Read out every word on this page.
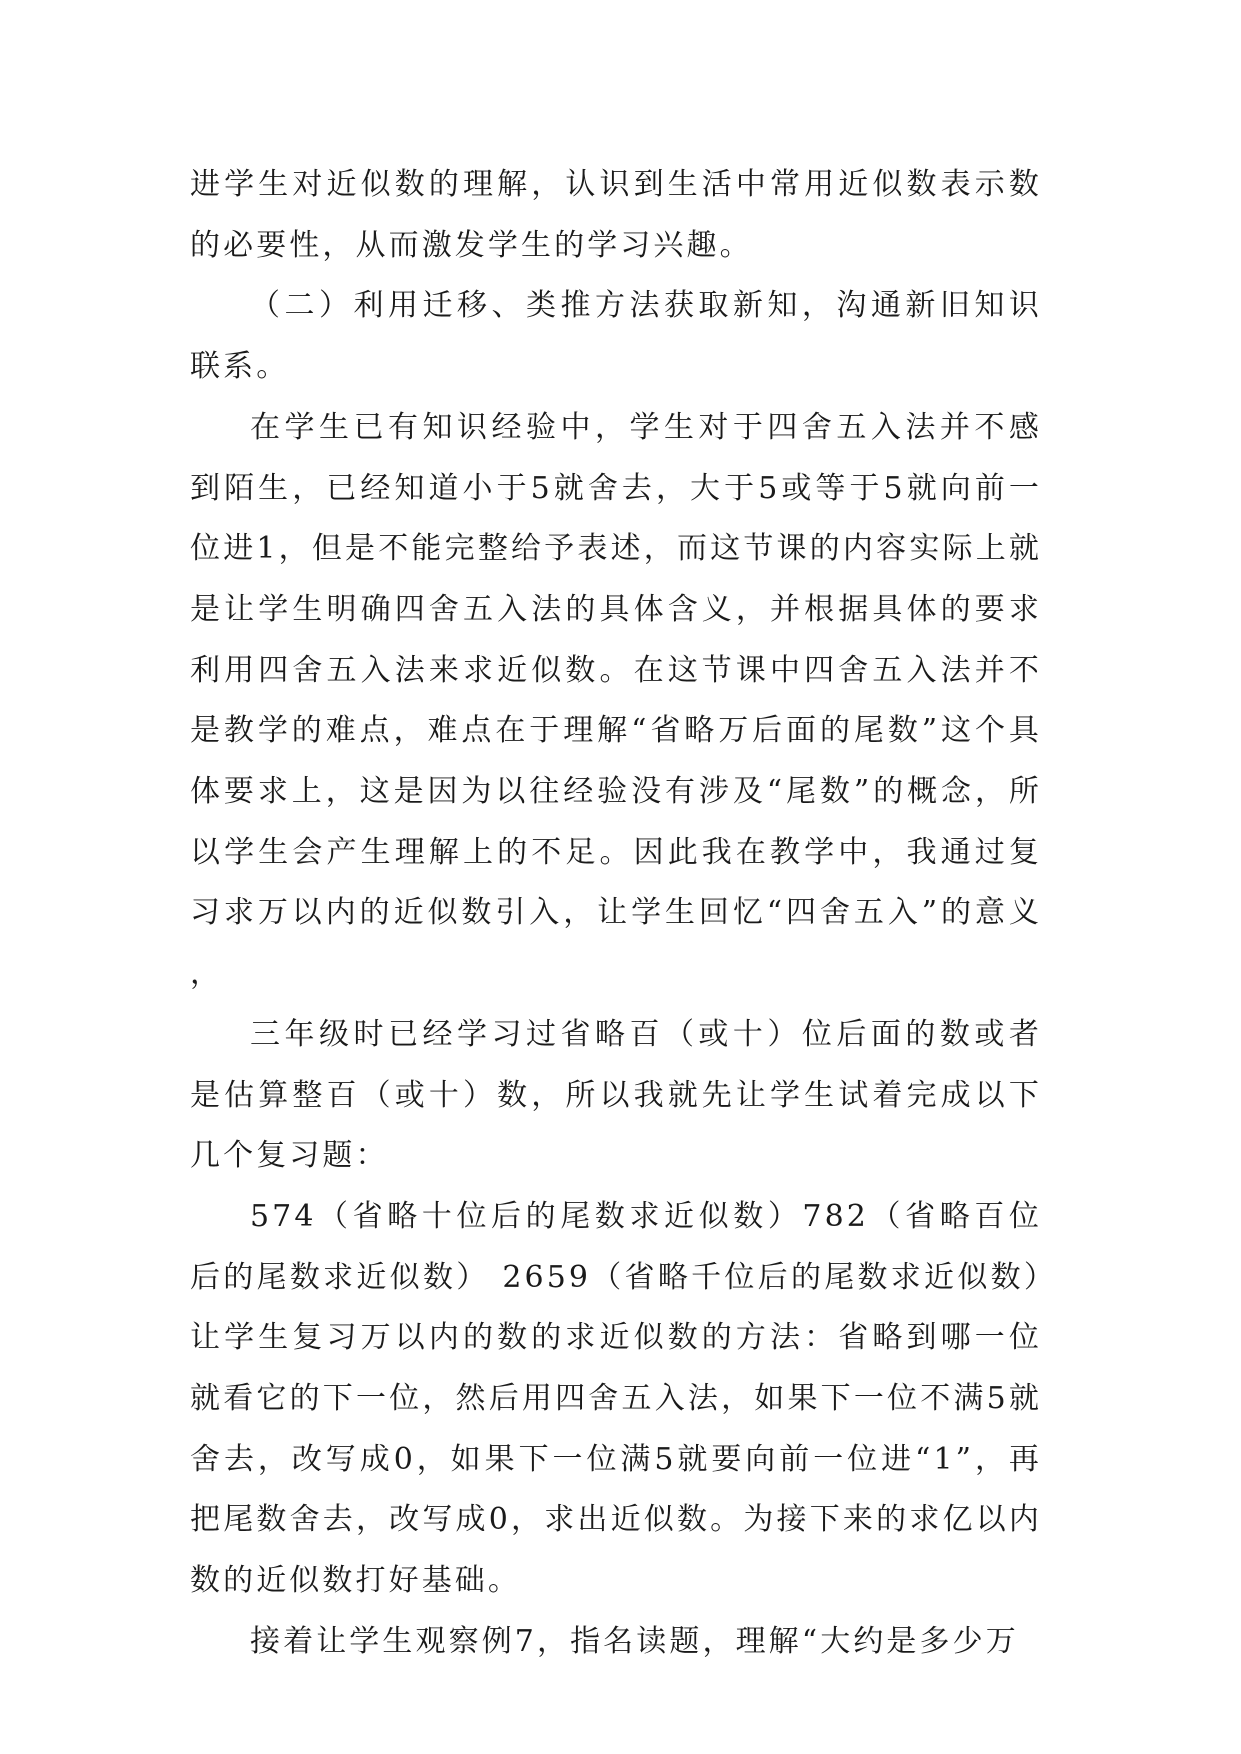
进学生对近似数的理解，认识到生活中常用近似数表示数的必要性，从而激发学生的学习兴趣。

（二）利用迁移、类推方法获取新知，沟通新旧知识联系。

在学生已有知识经验中，学生对于四舍五入法并不感到陌生，已经知道小于5就舍去，大于5或等于5就向前一位进1，但是不能完整给予表述，而这节课的内容实际上就是让学生明确四舍五入法的具体含义，并根据具体的要求利用四舍五入法来求近似数。在这节课中四舍五入法并不是教学的难点，难点在于理解“省略万后面的尾数”这个具体要求上，这是因为以往经验没有涉及“尾数”的概念，所以学生会产生理解上的不足。因此我在教学中，我通过复习求万以内的近似数引入，让学生回忆“四舍五入”的意义，

三年级时已经学习过省略百（或十）位后面的数或者是估算整百（或十）数，所以我就先让学生试着完成以下几个复习题：

574（省略十位后的尾数求近似数）782（省略百位后的尾数求近似数） 2659（省略千位后的尾数求近似数）让学生复习万以内的数的求近似数的方法：省略到哪一位就看它的下一位，然后用四舍五入法，如果下一位不满5就舍去，改写成0，如果下一位满5就要向前一位进“1”，再把尾数舍去，改写成0，求出近似数。为接下来的求亿以内数的近似数打好基础。

接着让学生观察例7，指名读题，理解“大约是多少万
